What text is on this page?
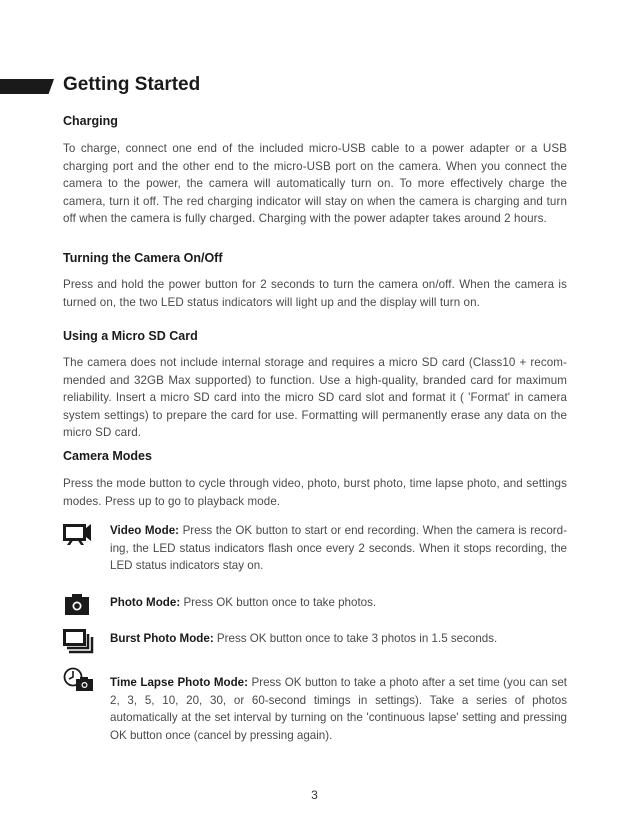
Getting Started
Charging

To charge, connect one end of the included micro-USB cable to a power adapter or a USB charging port and the other end to the micro-USB port on the camera. When you connect the camera to the power, the camera will automatically turn on. To more effectively charge the camera, turn it off. The red charging indicator will stay on when the camera is charging and turn off when the camera is fully charged. Charging with the power adapter takes around 2 hours.

Turning the Camera On/Off

Press and hold the power button for 2 seconds to turn the camera on/off. When the camera is turned on, the two LED status indicators will light up and the display will turn on.

Using a Micro SD Card

The camera does not include internal storage and requires a micro SD card (Class10 + recom-mended and 32GB Max supported) to function. Use a high-quality, branded card for maximum reliability. Insert a micro SD card into the micro SD card slot and format it ( 'Format' in camera system settings) to prepare the card for use. Formatting will permanently erase any data on the micro SD card.

Camera Modes

Press the mode button to cycle through video, photo, burst photo, time lapse photo, and settings modes. Press up to go to playback mode.

Video Mode: Press the OK button to start or end recording. When the camera is record-ing, the LED status indicators flash once every 2 seconds. When it stops recording, the LED status indicators stay on.

Photo Mode: Press OK button once to take photos.

Burst Photo Mode: Press OK button once to take 3 photos in 1.5 seconds.

Time Lapse Photo Mode: Press OK button to take a photo after a set time (you can set 2, 3, 5, 10, 20, 30, or 60-second timings in settings). Take a series of photos automatically at the set interval by turning on the 'continuous lapse' setting and pressing OK button once (cancel by pressing again).

3
